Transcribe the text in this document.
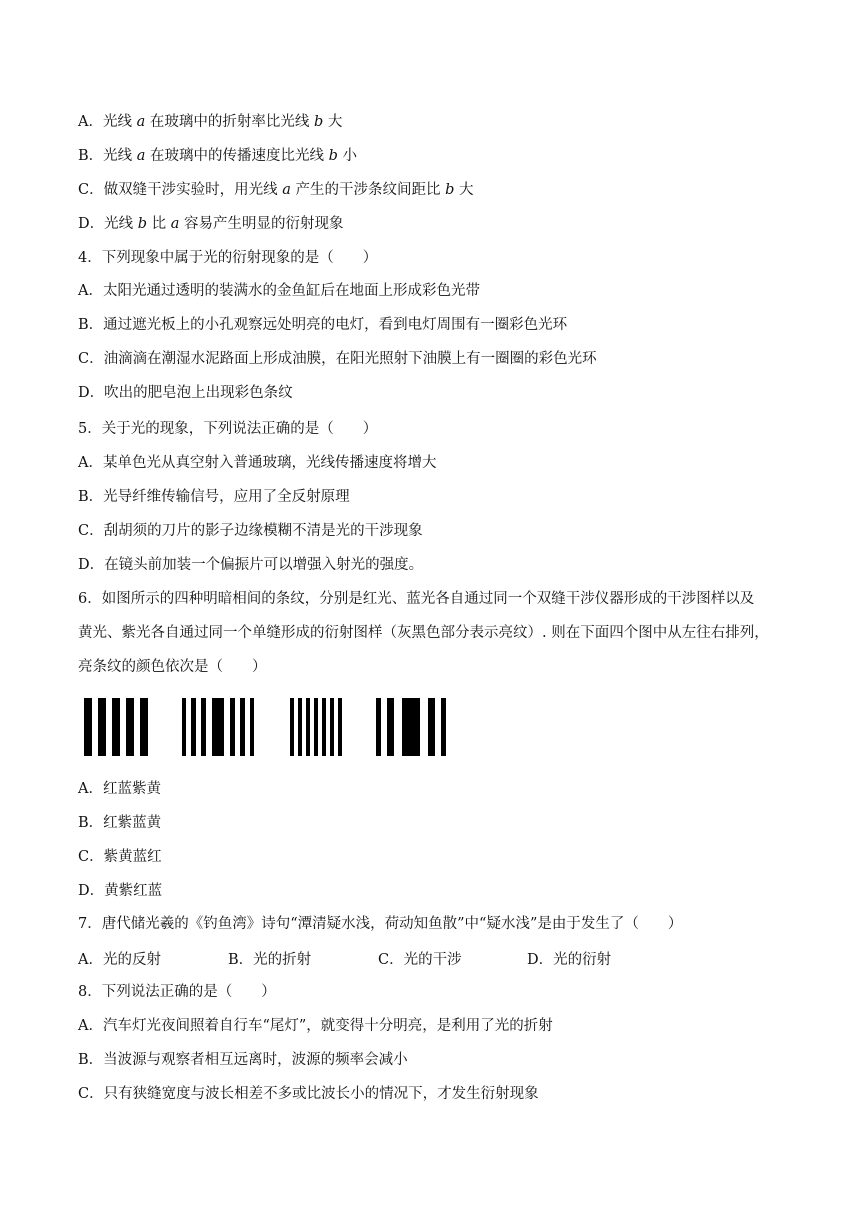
A．光线 a 在玻璃中的折射率比光线 b 大
B．光线 a 在玻璃中的传播速度比光线 b 小
C．做双缝干涉实验时，用光线 a 产生的干涉条纹间距比 b 大
D．光线 b 比 a 容易产生明显的衍射现象
4．下列现象中属于光的衍射现象的是（　　）
A．太阳光通过透明的装满水的金鱼缸后在地面上形成彩色光带
B．通过遮光板上的小孔观察远处明亮的电灯，看到电灯周围有一圈彩色光环
C．油滴滴在潮湿水泥路面上形成油膜，在阳光照射下油膜上有一圈圈的彩色光环
D．吹出的肥皂泡上出现彩色条纹
5．关于光的现象，下列说法正确的是（　　）
A．某单色光从真空射入普通玻璃，光线传播速度将增大
B．光导纤维传输信号，应用了全反射原理
C．刮胡须的刀片的影子边缘模糊不清是光的干涉现象
D．在镜头前加装一个偏振片可以增强入射光的强度。
6．如图所示的四种明暗相间的条纹，分别是红光、蓝光各自通过同一个双缝干涉仪器形成的干涉图样以及
黄光、紫光各自通过同一个单缝形成的衍射图样（灰黑色部分表示亮纹）. 则在下面四个图中从左往右排列，
亮条纹的颜色依次是（　　）
A．红蓝紫黄
B．红紫蓝黄
C．紫黄蓝红
D．黄紫红蓝
7．唐代储光羲的《钓鱼湾》诗句“潭清疑水浅，荷动知鱼散”中“疑水浅”是由于发生了（　　）
A．光的反射	B．光的折射	C．光的干涉	D．光的衍射
8．下列说法正确的是（　　）
A．汽车灯光夜间照着自行车“尾灯”，就变得十分明亮，是利用了光的折射
B．当波源与观察者相互远离时，波源的频率会减小
C．只有狭缝宽度与波长相差不多或比波长小的情况下，才发生衍射现象
